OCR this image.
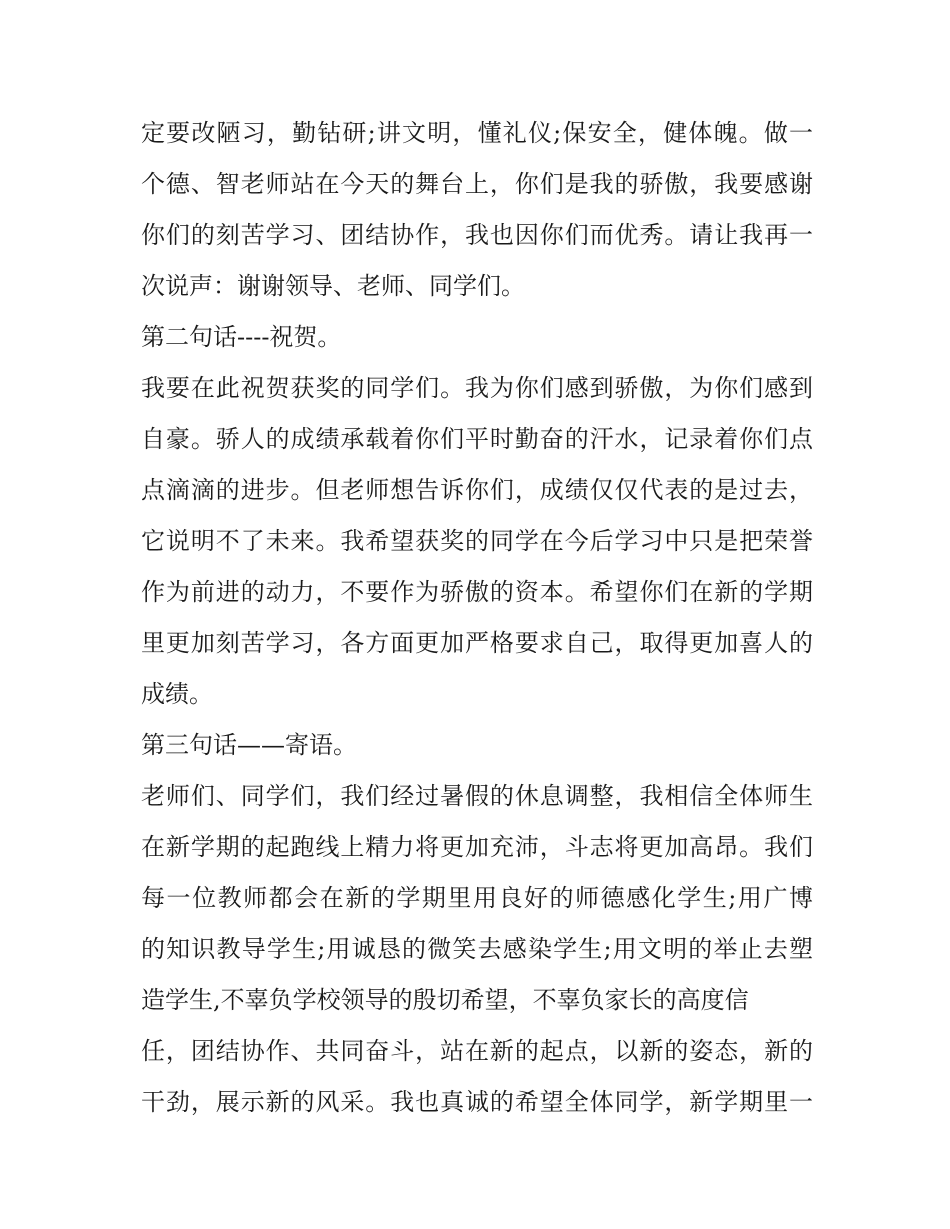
定要改陋习，勤钻研;讲文明，懂礼仪;保安全，健体魄。做一
个德、智老师站在今天的舞台上，你们是我的骄傲，我要感谢
你们的刻苦学习、团结协作，我也因你们而优秀。请让我再一
次说声：谢谢领导、老师、同学们。
第二句话----祝贺。
我要在此祝贺获奖的同学们。我为你们感到骄傲，为你们感到
自豪。骄人的成绩承载着你们平时勤奋的汗水，记录着你们点
点滴滴的进步。但老师想告诉你们，成绩仅仅代表的是过去，
它说明不了未来。我希望获奖的同学在今后学习中只是把荣誉
作为前进的动力，不要作为骄傲的资本。希望你们在新的学期
里更加刻苦学习，各方面更加严格要求自己，取得更加喜人的
成绩。
第三句话——寄语。
老师们、同学们，我们经过暑假的休息调整，我相信全体师生
在新学期的起跑线上精力将更加充沛，斗志将更加高昂。我们
每一位教师都会在新的学期里用良好的师德感化学生;用广博
的知识教导学生;用诚恳的微笑去感染学生;用文明的举止去塑
造学生,不辜负学校领导的殷切希望，不辜负家长的高度信
任，团结协作、共同奋斗，站在新的起点，以新的姿态，新的
干劲，展示新的风采。我也真诚的希望全体同学，新学期里一
